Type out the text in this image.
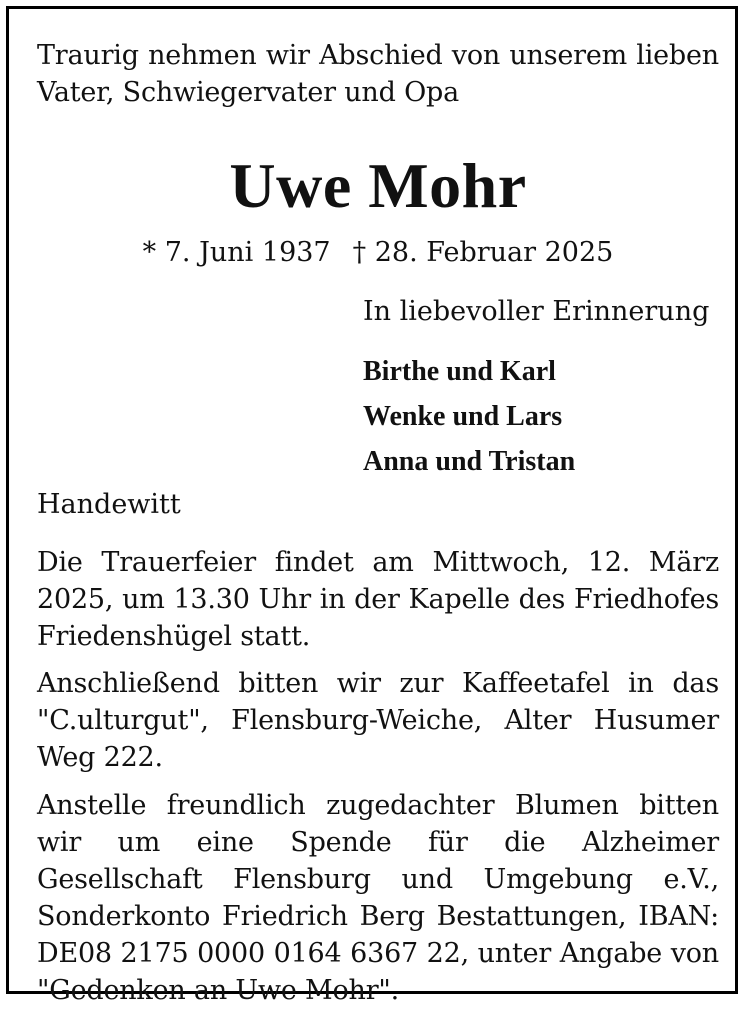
Traurig nehmen wir Abschied von unserem lieben Vater, Schwiegervater und Opa
Uwe Mohr
* 7. Juni 1937 † 28. Februar 2025
In liebevoller Erinnerung
Birthe und Karl
Wenke und Lars
Anna und Tristan
Handewitt
Die Trauerfeier findet am Mittwoch, 12. März 2025, um 13.30 Uhr in der Kapelle des Friedhofes Friedenshügel statt.
Anschließend bitten wir zur Kaffeetafel in das "C.ulturgut", Flensburg-Weiche, Alter Husumer Weg 222.
Anstelle freundlich zugedachter Blumen bitten wir um eine Spende für die Alzheimer Gesellschaft Flensburg und Umgebung e.V., Sonderkonto Friedrich Berg Bestattungen, IBAN: DE08 2175 0000 0164 6367 22, unter Angabe von "Gedenken an Uwe Mohr".
